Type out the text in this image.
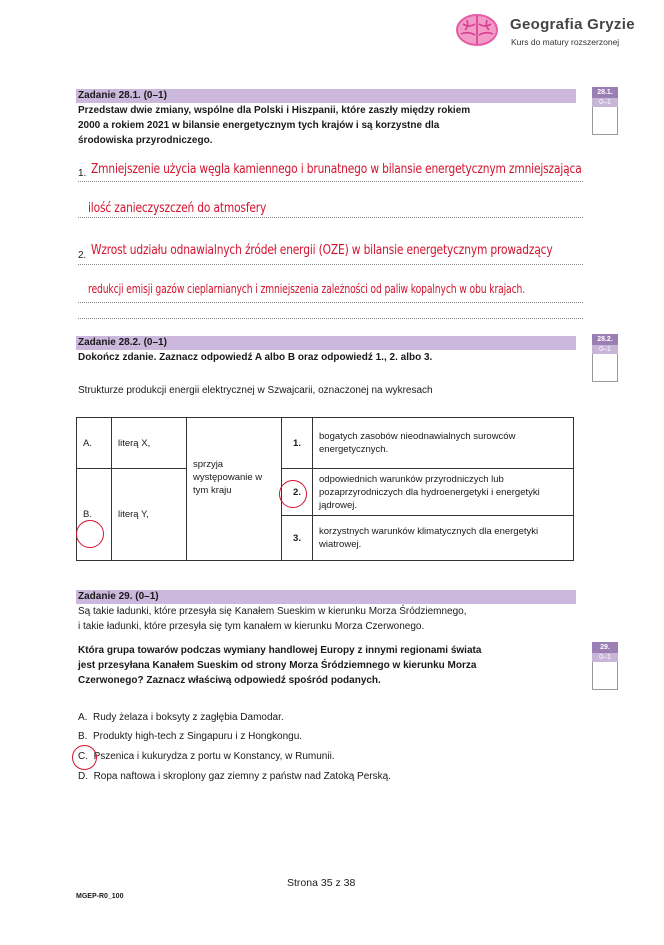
Geografia Gryzie
Kurs do matury rozszerzonej
Zadanie 28.1. (0–1)	28.1.
0–1
Przedstaw dwie zmiany, wspólne dla Polski i Hiszpanii, które zaszły między rokiem
2000 a rokiem 2021 w bilansie energetycznym tych krajów i są korzystne dla
środowiska przyrodniczego.
1. Zmniejszenie użycia węgla kamiennego i brunatnego w bilansie energetycznym zmniejszająca
ilość zanieczyszczeń do atmosfery
2. Wzrost udziału odnawialnych źródeł energii (OZE) w bilansie energetycznym prowadzący
redukcji emisji gazów cieplarnianych i zmniejszenia zależności od paliw kopalnych w obu krajach.
Zadanie 28.2. (0–1)	28.2.
0–1
Dokończ zdanie. Zaznacz odpowiedź A albo B oraz odpowiedź 1., 2. albo 3.
Strukturze produkcji energii elektrycznej w Szwajcarii, oznaczonej na wykresach
A.	literą X,	sprzyja występowanie w tym kraju	1.	bogatych zasobów nieodnawialnych surowców energetycznych.
B.	literą Y,		2.	odpowiednich warunków przyrodniczych lub pozaprzyrodniczych dla hydroenergetyki i energetyki jądrowej.
			3.	korzystnych warunków klimatycznych dla energetyki wiatrowej.
Zadanie 29. (0–1)
Są takie ładunki, które przesyła się Kanałem Sueskim w kierunku Morza Śródziemnego,
i takie ładunki, które przesyła się tym kanałem w kierunku Morza Czerwonego.
Która grupa towarów podczas wymiany handlowej Europy z innymi regionami świata
jest przesyłana Kanałem Sueskim od strony Morza Śródziemnego w kierunku Morza
Czerwonego? Zaznacz właściwą odpowiedź spośród podanych.
29.
0–1
A. Rudy żelaza i boksyty z zagłębia Damodar.
B. Produkty high-tech z Singapuru i z Hongkongu.
C. Pszenica i kukurydza z portu w Konstancy, w Rumunii.
D. Ropa naftowa i skroplony gaz ziemny z państw nad Zatoką Perską.
Strona 35 z 38
MGEP-R0_100
